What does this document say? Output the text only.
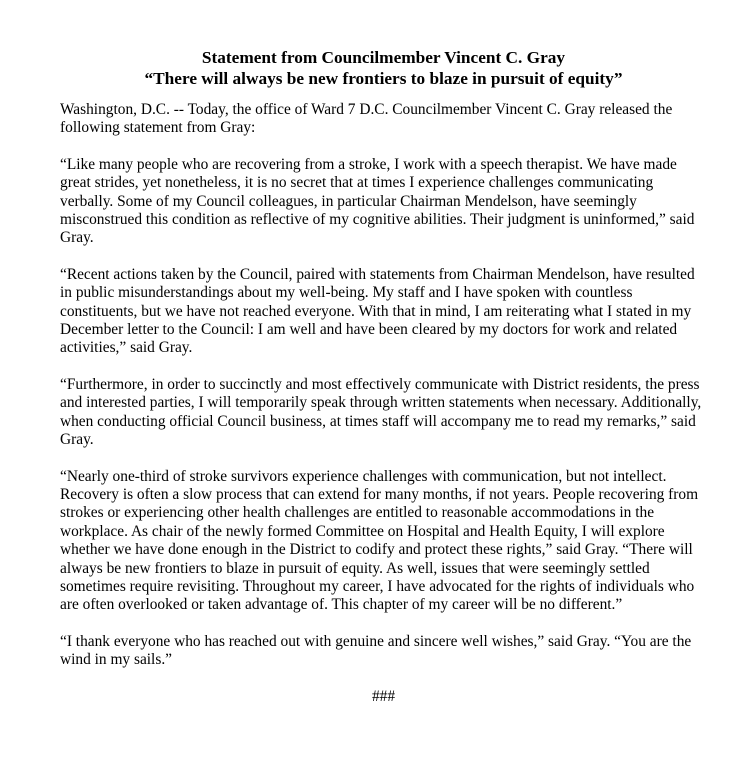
Statement from Councilmember Vincent C. Gray
“There will always be new frontiers to blaze in pursuit of equity”

Washington, D.C. -- Today, the office of Ward 7 D.C. Councilmember Vincent C. Gray released the following statement from Gray:

“Like many people who are recovering from a stroke, I work with a speech therapist. We have made great strides, yet nonetheless, it is no secret that at times I experience challenges communicating verbally. Some of my Council colleagues, in particular Chairman Mendelson, have seemingly misconstrued this condition as reflective of my cognitive abilities. Their judgment is uninformed,” said Gray.

“Recent actions taken by the Council, paired with statements from Chairman Mendelson, have resulted in public misunderstandings about my well-being. My staff and I have spoken with countless constituents, but we have not reached everyone. With that in mind, I am reiterating what I stated in my December letter to the Council: I am well and have been cleared by my doctors for work and related activities,” said Gray.

“Furthermore, in order to succinctly and most effectively communicate with District residents, the press and interested parties, I will temporarily speak through written statements when necessary. Additionally, when conducting official Council business, at times staff will accompany me to read my remarks,” said Gray.

“Nearly one-third of stroke survivors experience challenges with communication, but not intellect. Recovery is often a slow process that can extend for many months, if not years. People recovering from strokes or experiencing other health challenges are entitled to reasonable accommodations in the workplace. As chair of the newly formed Committee on Hospital and Health Equity, I will explore whether we have done enough in the District to codify and protect these rights,” said Gray. “There will always be new frontiers to blaze in pursuit of equity. As well, issues that were seemingly settled sometimes require revisiting. Throughout my career, I have advocated for the rights of individuals who are often overlooked or taken advantage of. This chapter of my career will be no different.”

“I thank everyone who has reached out with genuine and sincere well wishes,” said Gray. “You are the wind in my sails.”

###
